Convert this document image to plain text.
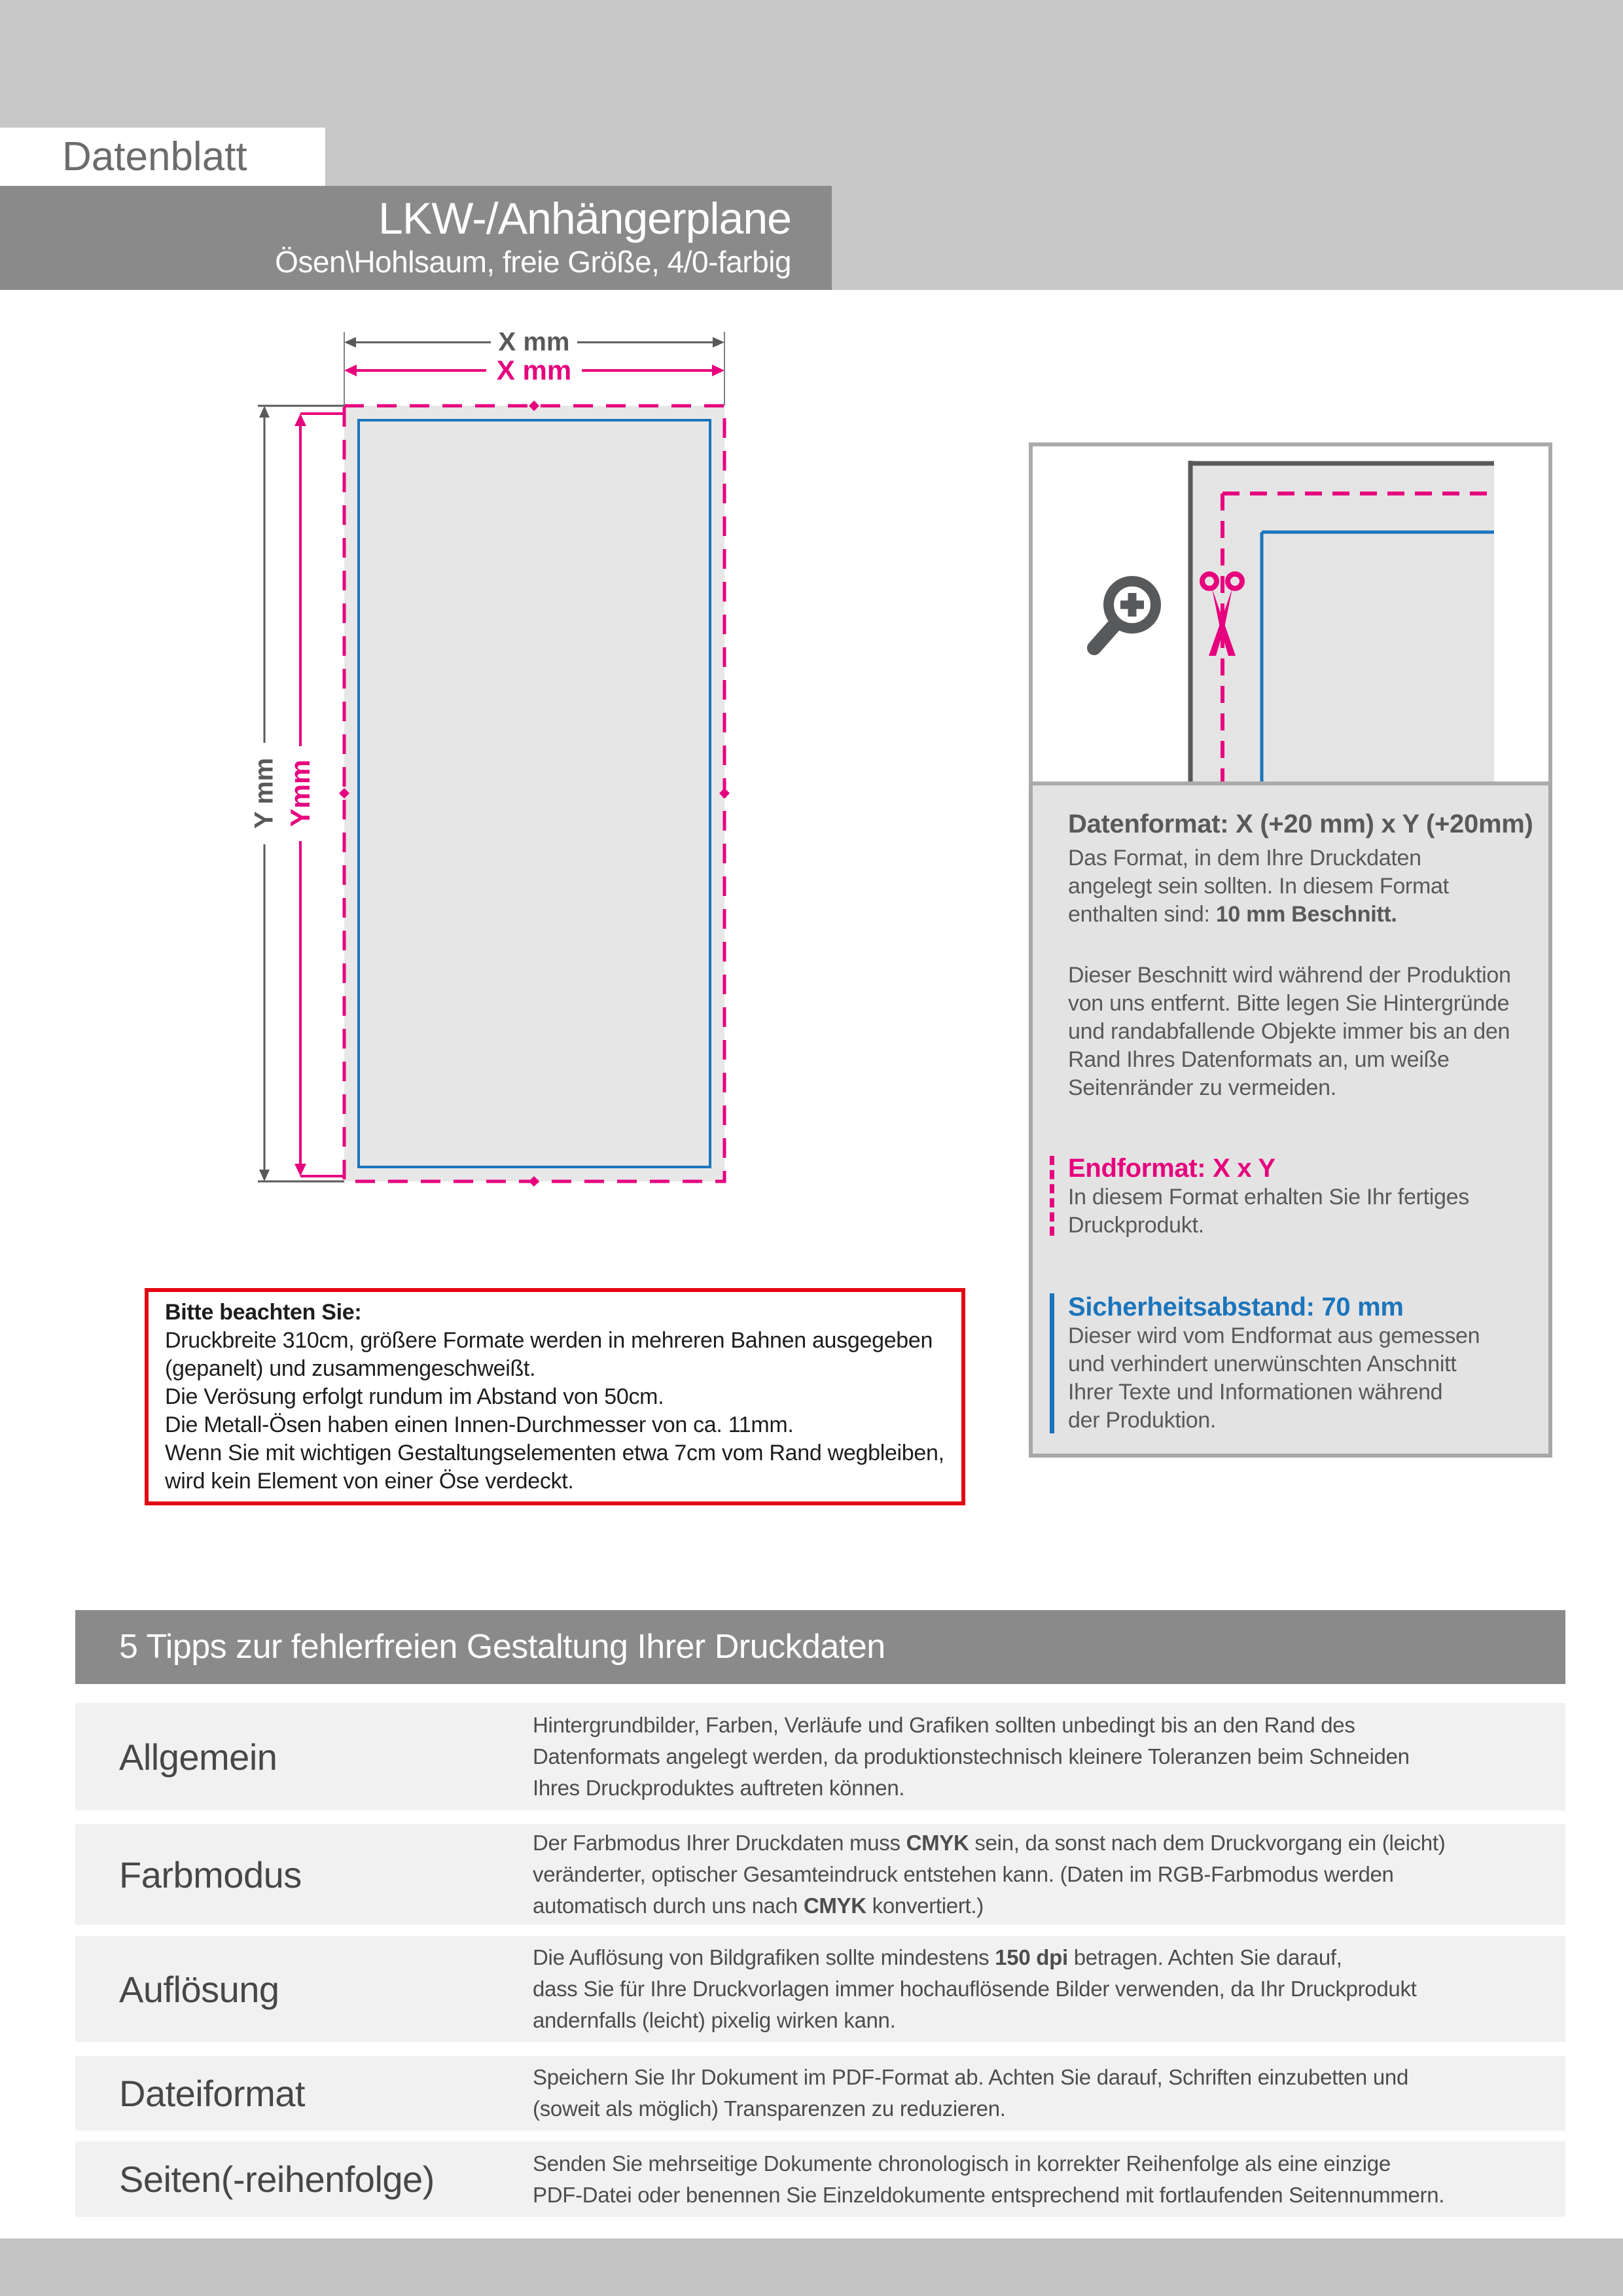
Datenblatt
LKW-/Anhängerplane
Ösen\Hohlsaum, freie Größe, 4/0-farbig
X mm
X mm
Y mm Ymm
Bitte beachten Sie:
Druckbreite 310cm, größere Formate werden in mehreren Bahnen ausgegeben
(gepanelt) und zusammengeschweißt.
Die Verösung erfolgt rundum im Abstand von 50cm.
Die Metall-Ösen haben einen Innen-Durchmesser von ca. 11mm.
Wenn Sie mit wichtigen Gestaltungselementen etwa 7cm vom Rand wegbleiben,
wird kein Element von einer Öse verdeckt.
Datenformat: X (+20 mm) x Y (+20mm)
Das Format, in dem Ihre Druckdaten
angelegt sein sollten. In diesem Format
enthalten sind: 10 mm Beschnitt.
Dieser Beschnitt wird während der Produktion
von uns entfernt. Bitte legen Sie Hintergründe
und randabfallende Objekte immer bis an den
Rand Ihres Datenformats an, um weiße
Seitenränder zu vermeiden.
Endformat: X x Y
In diesem Format erhalten Sie Ihr fertiges
Druckprodukt.
Sicherheitsabstand: 70 mm
Dieser wird vom Endformat aus gemessen
und verhindert unerwünschten Anschnitt
Ihrer Texte und Informationen während
der Produktion.
5 Tipps zur fehlerfreien Gestaltung Ihrer Druckdaten
Allgemein
Hintergrundbilder, Farben, Verläufe und Grafiken sollten unbedingt bis an den Rand des
Datenformats angelegt werden, da produktionstechnisch kleinere Toleranzen beim Schneiden
Ihres Druckproduktes auftreten können.
Farbmodus
Der Farbmodus Ihrer Druckdaten muss CMYK sein, da sonst nach dem Druckvorgang ein (leicht)
veränderter, optischer Gesamteindruck entstehen kann. (Daten im RGB-Farbmodus werden
automatisch durch uns nach CMYK konvertiert.)
Auflösung
Die Auflösung von Bildgrafiken sollte mindestens 150 dpi betragen. Achten Sie darauf,
dass Sie für Ihre Druckvorlagen immer hochauflösende Bilder verwenden, da Ihr Druckprodukt
andernfalls (leicht) pixelig wirken kann.
Dateiformat	Speichern Sie Ihr Dokument im PDF-Format ab. Achten Sie darauf, Schriften einzubetten und
(soweit als möglich) Transparenzen zu reduzieren.
Seiten(-reihenfolge)	Senden Sie mehrseitige Dokumente chronologisch in korrekter Reihenfolge als eine einzige
PDF-Datei oder benennen Sie Einzeldokumente entsprechend mit fortlaufenden Seitennummern.
